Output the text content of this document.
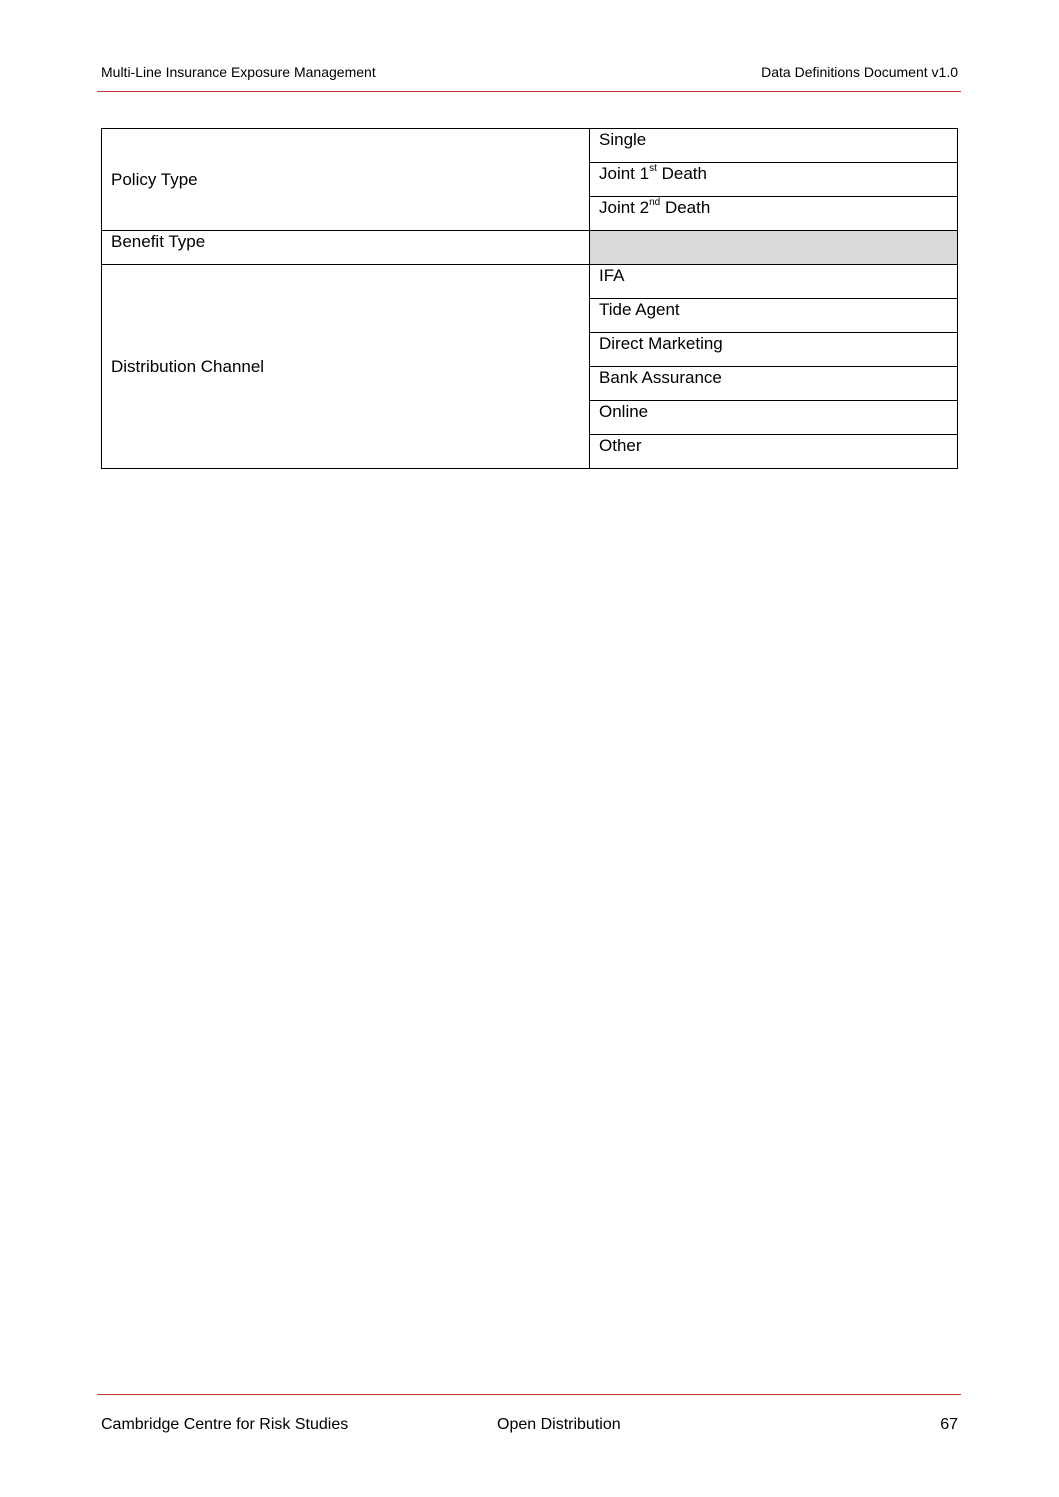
Multi-Line Insurance Exposure Management	Data Definitions Document v1.0
Policy Type	Single
	Joint 1st Death
	Joint 2nd Death
Benefit Type	
Distribution Channel	IFA
	Tide Agent
	Direct Marketing
	Bank Assurance
	Online
	Other
Cambridge Centre for Risk Studies	Open Distribution	67
